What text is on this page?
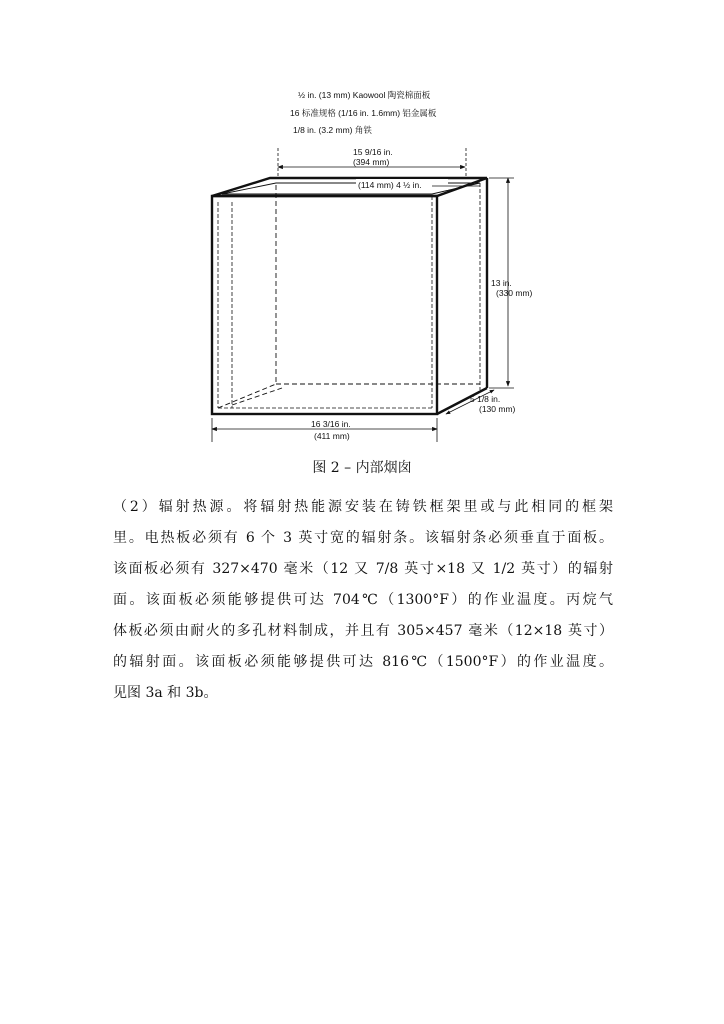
½ in. (13 mm) Kaowool 陶瓷棉面板
16 标准规格 (1/16 in. 1.6mm) 铝金属板
1/8 in. (3.2 mm) 角铁
15 9/16 in.
(394 mm)
(114 mm) 4 ½ in.
13 in.
(330 mm)
5 1/8 in.
(130 mm)
16 3/16 in.
(411 mm)
图 2 – 内部烟囱

（2）辐射热源。将辐射热能源安装在铸铁框架里或与此相同的框架
里。电热板必须有 6 个 3 英寸宽的辐射条。该辐射条必须垂直于面板。
该面板必须有 327×470 毫米（12 又 7/8 英寸×18 又 1/2 英寸）的辐射
面。该面板必须能够提供可达 704℃（1300°F）的作业温度。丙烷气
体板必须由耐火的多孔材料制成，并且有 305×457 毫米（12×18 英寸）
的辐射面。该面板必须能够提供可达 816℃（1500°F）的作业温度。
见图 3a 和 3b。
